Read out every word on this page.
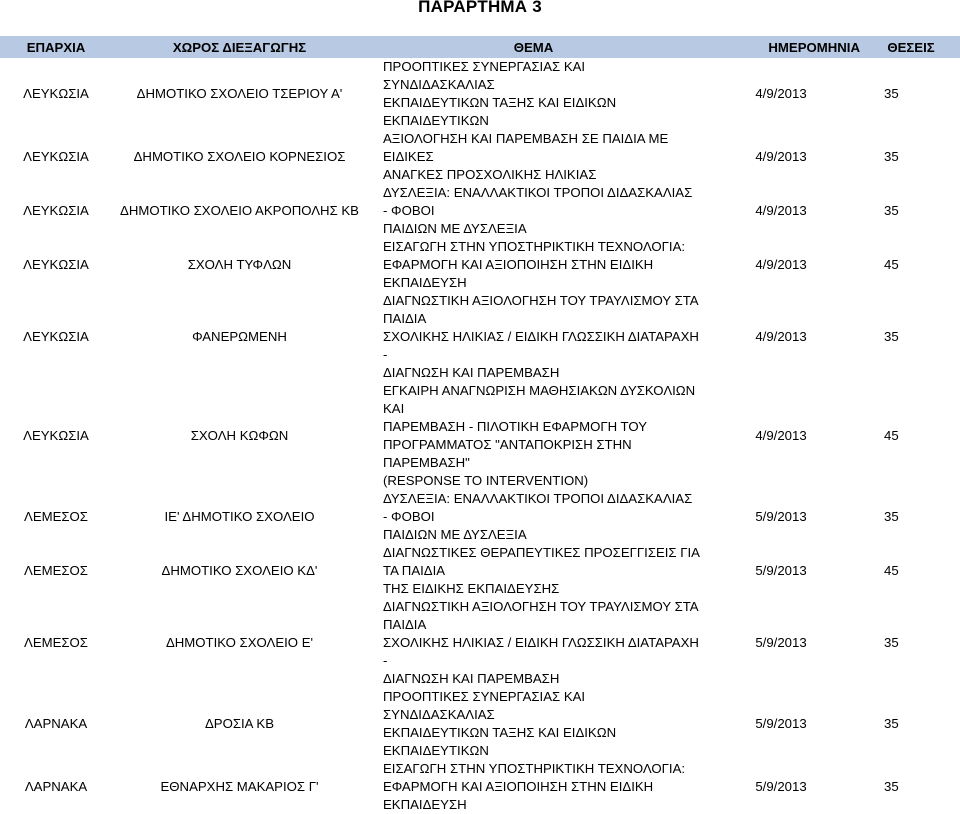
ΠΑΡΑΡΤΗΜΑ 3
ΕΠΑΡΧΙΑ	ΧΩΡΟΣ ΔΙΕΞΑΓΩΓΗΣ	ΘΕΜΑ	ΗΜΕΡΟΜΗΝΙΑ	ΘΕΣΕΙΣ
ΛΕΥΚΩΣΙΑ	ΔΗΜΟΤΙΚΟ ΣΧΟΛΕΙΟ ΤΣΕΡΙΟΥ Α'	ΠΡΟΟΠΤΙΚΕΣ ΣΥΝΕΡΓΑΣΙΑΣ ΚΑΙ ΣΥΝΔΙΔΑΣΚΑΛΙΑΣ
ΕΚΠΑΙΔΕΥΤΙΚΩΝ ΤΑΞΗΣ ΚΑΙ ΕΙΔΙΚΩΝ ΕΚΠΑΙΔΕΥΤΙΚΩΝ	4/9/2013	35
ΛΕΥΚΩΣΙΑ	ΔΗΜΟΤΙΚΟ ΣΧΟΛΕΙΟ ΚΟΡΝΕΣΙΟΣ	ΑΞΙΟΛΟΓΗΣΗ ΚΑΙ ΠΑΡΕΜΒΑΣΗ ΣΕ ΠΑΙΔΙΑ ΜΕ ΕΙΔΙΚΕΣ
ΑΝΑΓΚΕΣ ΠΡΟΣΧΟΛΙΚΗΣ ΗΛΙΚΙΑΣ	4/9/2013	35
ΛΕΥΚΩΣΙΑ	ΔΗΜΟΤΙΚΟ ΣΧΟΛΕΙΟ ΑΚΡΟΠΟΛΗΣ ΚΒ	ΔΥΣΛΕΞΙΑ: ΕΝΑΛΛΑΚΤΙΚΟΙ ΤΡΟΠΟΙ ΔΙΔΑΣΚΑΛΙΑΣ - ΦΟΒΟΙ
ΠΑΙΔΙΩΝ ΜΕ ΔΥΣΛΕΞΙΑ	4/9/2013	35
ΛΕΥΚΩΣΙΑ	ΣΧΟΛΗ ΤΥΦΛΩΝ	ΕΙΣΑΓΩΓΗ ΣΤΗΝ ΥΠΟΣΤΗΡΙΚΤΙΚΗ ΤΕΧΝΟΛΟΓΙΑ:
ΕΦΑΡΜΟΓΗ ΚΑΙ ΑΞΙΟΠΟΙΗΣΗ ΣΤΗΝ ΕΙΔΙΚΗ ΕΚΠΑΙΔΕΥΣΗ	4/9/2013	45
ΛΕΥΚΩΣΙΑ	ΦΑΝΕΡΩΜΕΝΗ	ΔΙΑΓΝΩΣΤΙΚΗ ΑΞΙΟΛΟΓΗΣΗ ΤΟΥ ΤΡΑΥΛΙΣΜΟΥ ΣΤΑ ΠΑΙΔΙΑ
ΣΧΟΛΙΚΗΣ ΗΛΙΚΙΑΣ / ΕΙΔΙΚΗ ΓΛΩΣΣΙΚΗ ΔΙΑΤΑΡΑΧΗ -
ΔΙΑΓΝΩΣΗ ΚΑΙ ΠΑΡΕΜΒΑΣΗ	4/9/2013	35
ΛΕΥΚΩΣΙΑ	ΣΧΟΛΗ ΚΩΦΩΝ	ΕΓΚΑΙΡΗ ΑΝΑΓΝΩΡΙΣΗ ΜΑΘΗΣΙΑΚΩΝ ΔΥΣΚΟΛΙΩΝ ΚΑΙ
ΠΑΡΕΜΒΑΣΗ - ΠΙΛΟΤΙΚΗ ΕΦΑΡΜΟΓΗ ΤΟΥ
ΠΡΟΓΡΑΜΜΑΤΟΣ "ΑΝΤΑΠΟΚΡΙΣΗ ΣΤΗΝ ΠΑΡΕΜΒΑΣΗ"
(RESPONSE TO INTERVENTION)	4/9/2013	45
ΛΕΜΕΣΟΣ	ΙΕ' ΔΗΜΟΤΙΚΟ ΣΧΟΛΕΙΟ	ΔΥΣΛΕΞΙΑ: ΕΝΑΛΛΑΚΤΙΚΟΙ ΤΡΟΠΟΙ ΔΙΔΑΣΚΑΛΙΑΣ - ΦΟΒΟΙ
ΠΑΙΔΙΩΝ ΜΕ ΔΥΣΛΕΞΙΑ	5/9/2013	35
ΛΕΜΕΣΟΣ	ΔΗΜΟΤΙΚΟ ΣΧΟΛΕΙΟ ΚΔ'	ΔΙΑΓΝΩΣΤΙΚΕΣ ΘΕΡΑΠΕΥΤΙΚΕΣ ΠΡΟΣΕΓΓΙΣΕΙΣ ΓΙΑ ΤΑ ΠΑΙΔΙΑ
ΤΗΣ ΕΙΔΙΚΗΣ ΕΚΠΑΙΔΕΥΣΗΣ	5/9/2013	45
ΛΕΜΕΣΟΣ	ΔΗΜΟΤΙΚΟ ΣΧΟΛΕΙΟ Ε'	ΔΙΑΓΝΩΣΤΙΚΗ ΑΞΙΟΛΟΓΗΣΗ ΤΟΥ ΤΡΑΥΛΙΣΜΟΥ ΣΤΑ ΠΑΙΔΙΑ
ΣΧΟΛΙΚΗΣ ΗΛΙΚΙΑΣ / ΕΙΔΙΚΗ ΓΛΩΣΣΙΚΗ ΔΙΑΤΑΡΑΧΗ -
ΔΙΑΓΝΩΣΗ ΚΑΙ ΠΑΡΕΜΒΑΣΗ	5/9/2013	35
ΛΑΡΝΑΚΑ	ΔΡΟΣΙΑ ΚΒ	ΠΡΟΟΠΤΙΚΕΣ ΣΥΝΕΡΓΑΣΙΑΣ ΚΑΙ ΣΥΝΔΙΔΑΣΚΑΛΙΑΣ
ΕΚΠΑΙΔΕΥΤΙΚΩΝ ΤΑΞΗΣ ΚΑΙ ΕΙΔΙΚΩΝ ΕΚΠΑΙΔΕΥΤΙΚΩΝ	5/9/2013	35
ΛΑΡΝΑΚΑ	ΕΘΝΑΡΧΗΣ ΜΑΚΑΡΙΟΣ Γ'	ΕΙΣΑΓΩΓΗ ΣΤΗΝ ΥΠΟΣΤΗΡΙΚΤΙΚΗ ΤΕΧΝΟΛΟΓΙΑ:
ΕΦΑΡΜΟΓΗ ΚΑΙ ΑΞΙΟΠΟΙΗΣΗ ΣΤΗΝ ΕΙΔΙΚΗ ΕΚΠΑΙΔΕΥΣΗ	5/9/2013	35
